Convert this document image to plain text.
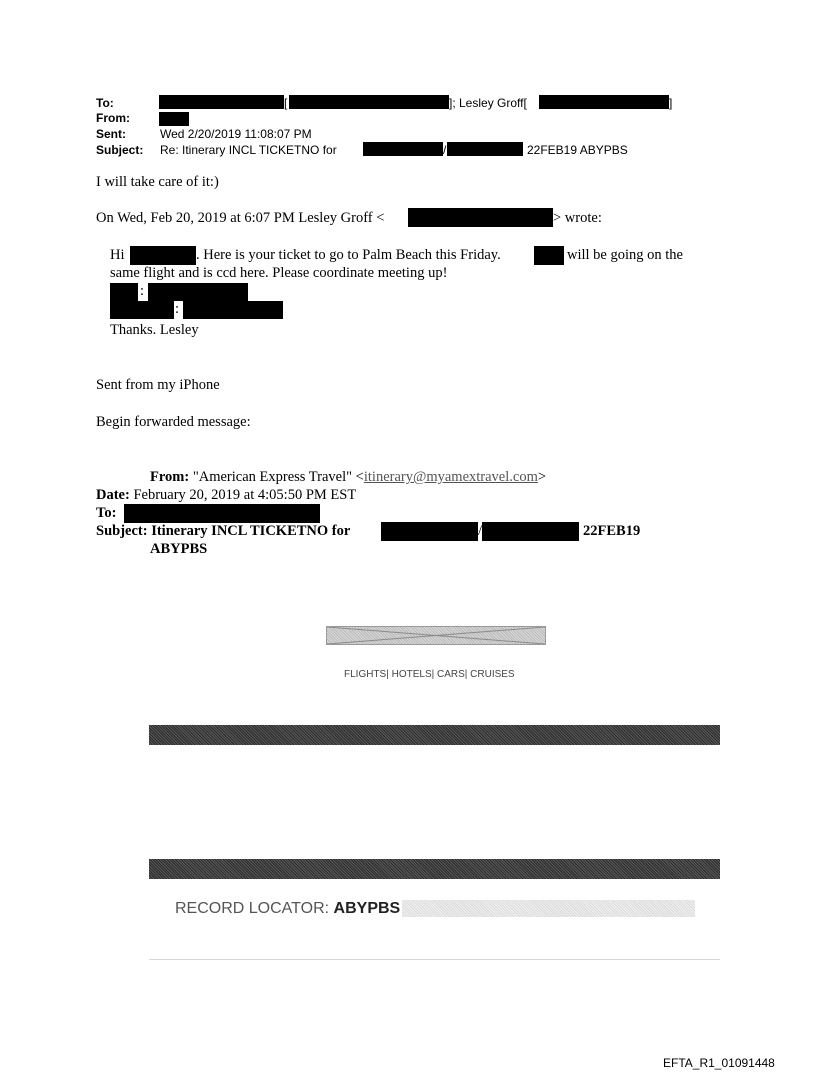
To:	[	]; Lesley Groff[	]
From:
Sent:	Wed 2/20/2019 11:08:07 PM
Subject: Re: Itinerary INCL TICKETNO for	/	22FEB19 ABYPBS
I will take care of it:)
On Wed, Feb 20, 2019 at 6:07 PM Lesley Groff <	> wrote:
Hi	. Here is your ticket to go to Palm Beach this Friday.	will be going on the
same flight and is ccd here. Please coordinate meeting up!
:
:
Thanks. Lesley
Sent from my iPhone
Begin forwarded message:
From: "American Express Travel" <itinerary@myamextravel.com>
Date: February 20, 2019 at 4:05:50 PM EST
To:
Subject: Itinerary INCL TICKETNO for	/	22FEB19
ABYPBS
FLIGHTS| HOTELS| CARS| CRUISES
RECORD LOCATOR: ABYPBS
EFTA_R1_01091448
